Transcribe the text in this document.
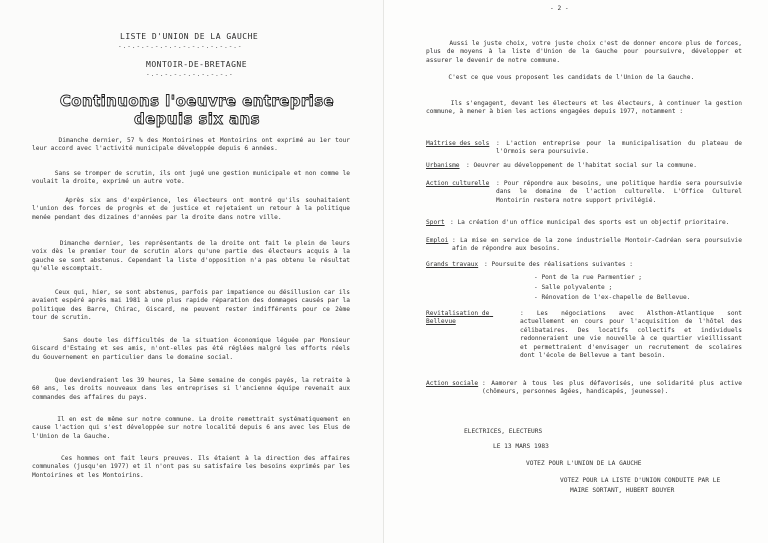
LISTE D'UNION DE LA GAUCHE
-.-.-.-.-.-.-.-.-.-.-.-.-.-
MONTOIR-DE-BRETAGNE
-.-.-.-.-.-.-.-.-.-
Continuons l'oeuvre entreprise
depuis six ans
Dimanche dernier, 57 % des Montoirines et Montoirins ont exprimé au 1er tour leur accord avec l'activité municipale développée depuis 6 années.
Sans se tromper de scrutin, ils ont jugé une gestion municipale et non comme le voulait la droite, exprimé un autre vote.
Après six ans d'expérience, les électeurs ont montré qu'ils souhaitaient l'union des forces de progrès et de justice et rejetaient un retour à la politique menée pendant des dizaines d'années par la droite dans notre ville.
Dimanche dernier, les représentants de la droite ont fait le plein de leurs voix dès le premier tour de scrutin alors qu'une partie des électeurs acquis à la gauche se sont abstenus. Cependant la liste d'opposition n'a pas obtenu le résultat qu'elle escomptait.
Ceux qui, hier, se sont abstenus, parfois par impatience ou désillusion car ils avaient espéré après mai 1981 à une plus rapide réparation des dommages causés par la politique des Barre, Chirac, Giscard, ne peuvent rester indifférents pour ce 2ème tour de scrutin.
Sans doute les difficultés de la situation économique léguée par Monsieur Giscard d'Estaing et ses amis, n'ont-elles pas été réglées malgré les efforts réels du Gouvernement en particulier dans le domaine social.
Que deviendraient les 39 heures, la 5ème semaine de congés payés, la retraite à 60 ans, les droits nouveaux dans les entreprises si l'ancienne équipe revenait aux commandes des affaires du pays.
Il en est de même sur notre commune. La droite remettrait systématiquement en cause l'action qui s'est développée sur notre localité depuis 6 ans avec les Elus de l'Union de la Gauche.
Ces hommes ont fait leurs preuves. Ils étaient à la direction des affaires communales (jusqu'en 1977) et il n'ont pas su satisfaire les besoins exprimés par les Montoirines et les Montoirins.
- 2 -
Aussi le juste choix, votre juste choix c'est de donner encore plus de forces, plus de moyens à la liste d'Union de la Gauche pour poursuivre, développer et assurer le devenir de notre commune.
C'est ce que vous proposent les candidats de l'Union de la Gauche.
Ils s'engagent, devant les électeurs et les électeurs, à continuer la gestion commune, à mener à bien les actions engagées depuis 1977, notamment :
Maîtrise des sols : L'action entreprise pour la municipalisation du plateau de l'Ormois sera poursuivie.
Urbanisme : Oeuvrer au développement de l'habitat social sur la commune.
Action culturelle : Pour répondre aux besoins, une politique hardie sera poursuivie dans le domaine de l'action culturelle. L'Office Culturel Montoirin restera notre support privilégié.
Sport : La création d'un office municipal des sports est un objectif prioritaire.
Emploi : La mise en service de la zone industrielle Montoir-Cadréan sera poursuivie afin de répondre aux besoins.
Grands travaux : Poursuite des réalisations suivantes :
- Pont de la rue Parmentier ;
- Salle polyvalente ;
- Rénovation de l'ex-chapelle de Bellevue.
Revitalisation de Bellevue
: Les négociations avec Alsthom-Atlantique sont actuellement en cours pour l'acquisition de l'hôtel des célibataires. Des locatifs collectifs et individuels redonneraient une vie nouvelle à ce quartier vieillissant et permettraient d'envisager un recrutement de scolaires dont l'école de Bellevue a tant besoin.
Action sociale : Aamorer à tous les plus défavorisés, une solidarité plus active (chômeurs, personnes âgées, handicapés, jeunesse).
ELECTRICES, ELECTEURS
LE 13 MARS 1983
VOTEZ POUR L'UNION DE LA GAUCHE
VOTEZ POUR LA LISTE D'UNION CONDUITE PAR LE
MAIRE SORTANT, HUBERT BOUYER
